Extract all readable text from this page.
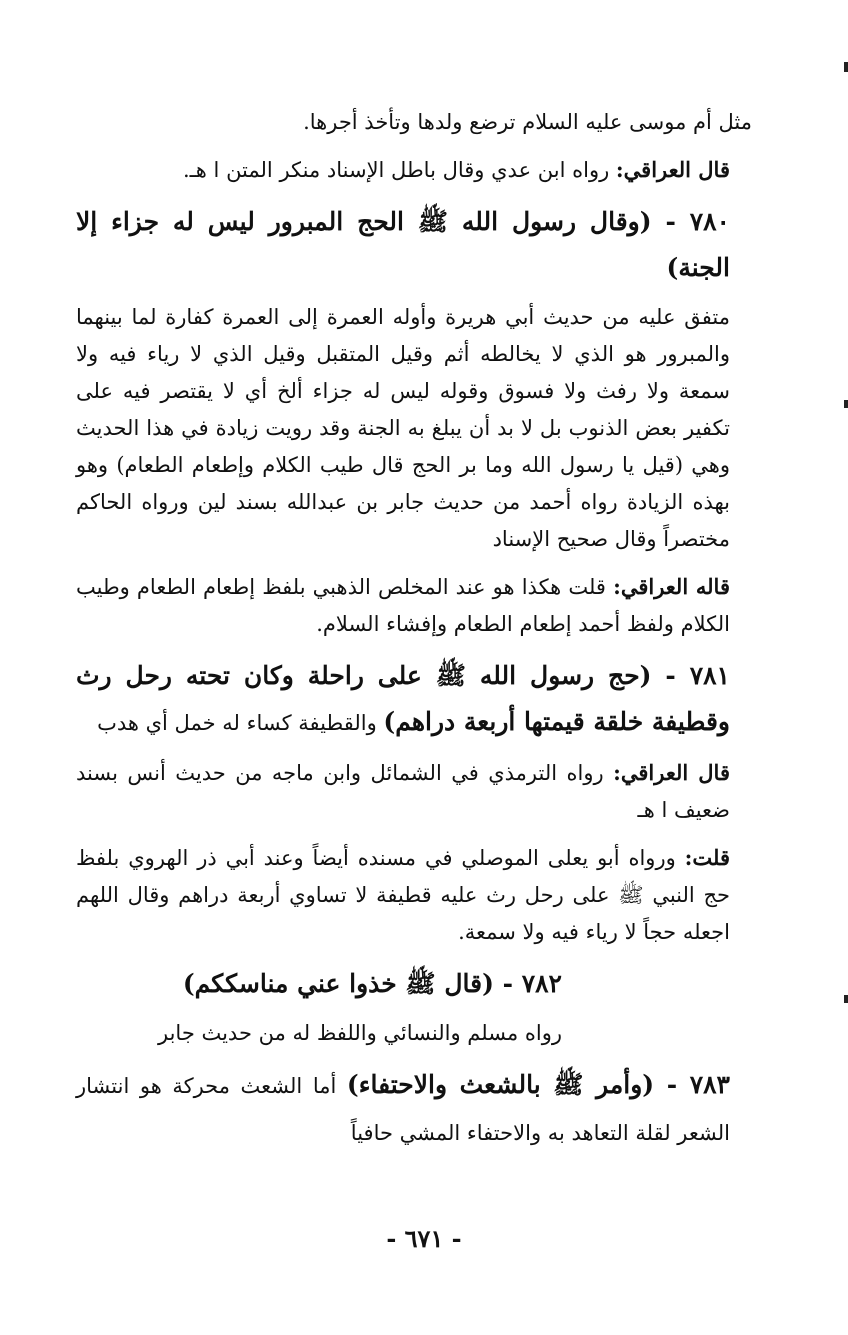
مثل أم موسى عليه السلام ترضع ولدها وتأخذ أجرها.

قال العراقي: رواه ابن عدي وقال باطل الإسناد منكر المتن ا هـ.

٧٨٠ - (وقال رسول الله ﷺ الحج المبرور ليس له جزاء إلا الجنة)

متفق عليه من حديث أبي هريرة وأوله العمرة إلى العمرة كفارة لما بينهما والمبرور هو الذي لا يخالطه أثم وقيل المتقبل وقيل الذي لا رياء فيه ولا سمعة ولا رفث ولا فسوق وقوله ليس له جزاء ألخ أي لا يقتصر فيه على تكفير بعض الذنوب بل لا بد أن يبلغ به الجنة وقد رويت زيادة في هذا الحديث وهي (قيل يا رسول الله وما بر الحج قال طيب الكلام وإطعام الطعام) وهو بهذه الزيادة رواه أحمد من حديث جابر بن عبدالله بسند لين ورواه الحاكم مختصراً وقال صحيح الإسناد

قاله العراقي: قلت هكذا هو عند المخلص الذهبي بلفظ إطعام الطعام وطيب الكلام ولفظ أحمد إطعام الطعام وإفشاء السلام.

٧٨١ - (حج رسول الله ﷺ على راحلة وكان تحته رحل رث وقطيفة خلقة قيمتها أربعة دراهم) والقطيفة كساء له خمل أي هدب

قال العراقي: رواه الترمذي في الشمائل وابن ماجه من حديث أنس بسند ضعيف ا هـ

قلت: ورواه أبو يعلى الموصلي في مسنده أيضاً وعند أبي ذر الهروي بلفظ حج النبي ﷺ على رحل رث عليه قطيفة لا تساوي أربعة دراهم وقال اللهم اجعله حجاً لا رياء فيه ولا سمعة.

٧٨٢ - (قال ﷺ خذوا عني مناسككم)

رواه مسلم والنسائي واللفظ له من حديث جابر

٧٨٣ - (وأمر ﷺ بالشعث والاحتفاء) أما الشعث محركة هو انتشار الشعر لقلة التعاهد به والاحتفاء المشي حافياً

- ٦٧١ -
